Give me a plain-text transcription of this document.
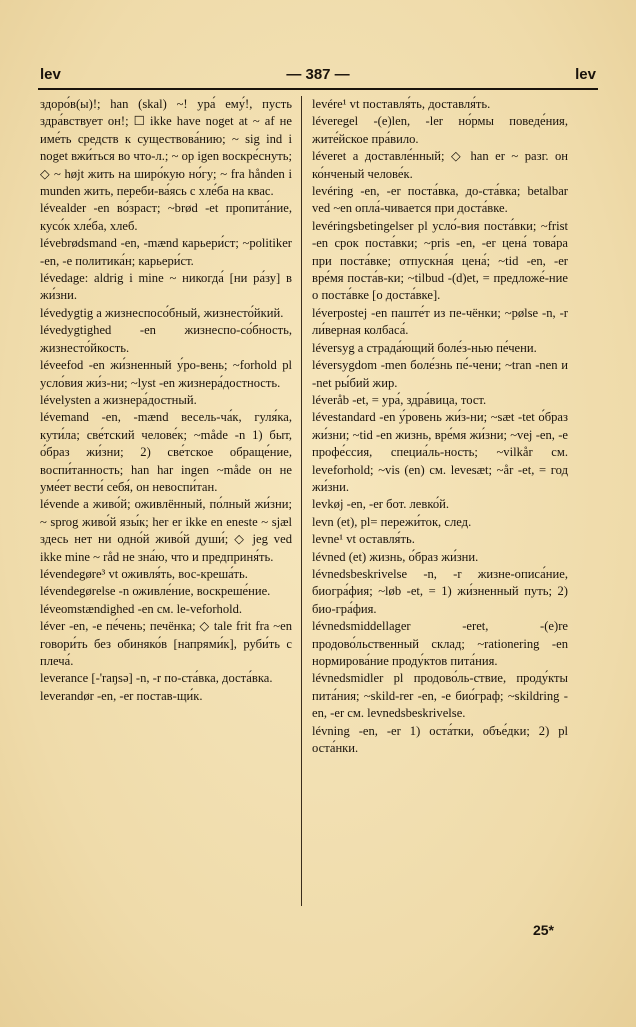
lev	— 387 —	lev

здоро́в(ы)!; han (skal) ~! ура́ ему́!, пусть здра́вствует он!; ☐ ikke have noget at ~ af не име́ть средств к существова́нию; ~ sig ind i noget вжи́ться во что-л.; ~ op igen воскре́снуть; ◇ ~ højt жить на широ́кую но́гу; ~ fra hånden i munden жить, переби-ва́ясь с хле́ба на квас.

lévealder -en во́зраст; ~brød -et пропита́ние, кусо́к хле́ба, хлеб.

lévebrødsmand -en, -mænd карьери́ст; ~politiker -en, -e политика́н; карьери́ст.

lévedage: aldrig i mine ~ никогда́ [ни ра́зу] в жи́зни.

lévedygtig a жизнеспосо́бный, жизнесто́йкий.

lévedygtighed -en жизнеспо-со́бность, жизнесто́йкость.

léveefod -en жи́зненный у́ро-вень; ~forhold pl усло́вия жи́з-ни; ~lyst -en жизнера́достность.

lévelysten a жизнера́достный.

lévemand -en, -mænd весель-ча́к, гуля́ка, кути́ла; све́тский челове́к; ~måde -n 1) быт, о́браз жи́зни; 2) све́тское обраще́ние, воспи́танность; han har ingen ~måde он не уме́ет вести́ себя́, он невоспи́тан.

lévende a живо́й; оживлённый, по́лный жи́зни; ~ sprog живо́й язы́к; her er ikke en eneste ~ sjæl здесь нет ни одно́й живо́й души́; ◇ jeg ved ikke mine ~ råd не зна́ю, что и предприня́ть.

lévendegøre³ vt оживля́ть, вос-креша́ть.

lévendegørelse -n оживле́ние, воскреше́ние.

léveomstændighed -en см. le-veforhold.

léver -en, -e пе́чень; печёнка; ◇ tale frit fra ~en говори́ть без обиняко́в [напрями́к], руби́ть с плеча́.

leverance [-'raŋsə] -n, -r по-ста́вка, доста́вка.

leverandør -en, -er постав-щи́к.

levére¹ vt поставля́ть, доставля́ть.

léveregel -(e)len, -ler но́рмы поведе́ния, жите́йское пра́вило.

léveret a доставле́нный; ◇ han er ~ разг. он ко́нченый челове́к.

levéring -en, -er поста́вка, до-ста́вка; betalbar ved ~en опла́-чивается при доста́вке.

levéringsbetingelser pl усло́-вия поста́вки; ~frist -en срок поста́вки; ~pris -en, -er цена́ това́ра при поста́вке; отпускна́я цена́; ~tid -en, -er вре́мя поста́в-ки; ~tilbud -(d)et, = предложе́-ние о поста́вке [о доста́вке].

léverpostej -en паште́т из пе-чёнки; ~pølse -n, -r ли́верная колбаса́.

léversyg a страда́ющий боле́з-нью пе́чени.

léversygdom -men боле́знь пе́-чени; ~tran -nen и -net ры́бий жир.

léveråb -et, = ура́, здра́вица, тост.

lévestandard -en у́ровень жи́з-ни; ~sæt -tet о́браз жи́зни; ~tid -en жизнь, вре́мя жи́зни; ~vej -en, -e профе́ссия, специа́ль-ность; ~vilkår см. leveforhold; ~vis (en) см. levesæt; ~år -et, = год жи́зни.

levkøj -en, -er бот. левко́й.

levn (et), pl= пережи́ток, след.

levne¹ vt оставля́ть.

lévned (et) жизнь, о́браз жи́зни.

lévnedsbeskrivelse -n, -r жизне-описа́ние, биогра́фия; ~løb -et, = 1) жи́зненный путь; 2) био-гра́фия.

lévnedsmiddellager -eret, -(e)re продово́льственный склад; ~rationering -en нормирова́ние проду́ктов пита́ния.

lévnedsmidler pl продово́ль-ствие, проду́кты пита́ния; ~skild-rer -en, -e био́граф; ~skildring -en, -er см. levnedsbeskrivelse.

lévning -en, -er 1) оста́тки, объе́дки; 2) pl оста́нки.

25*
